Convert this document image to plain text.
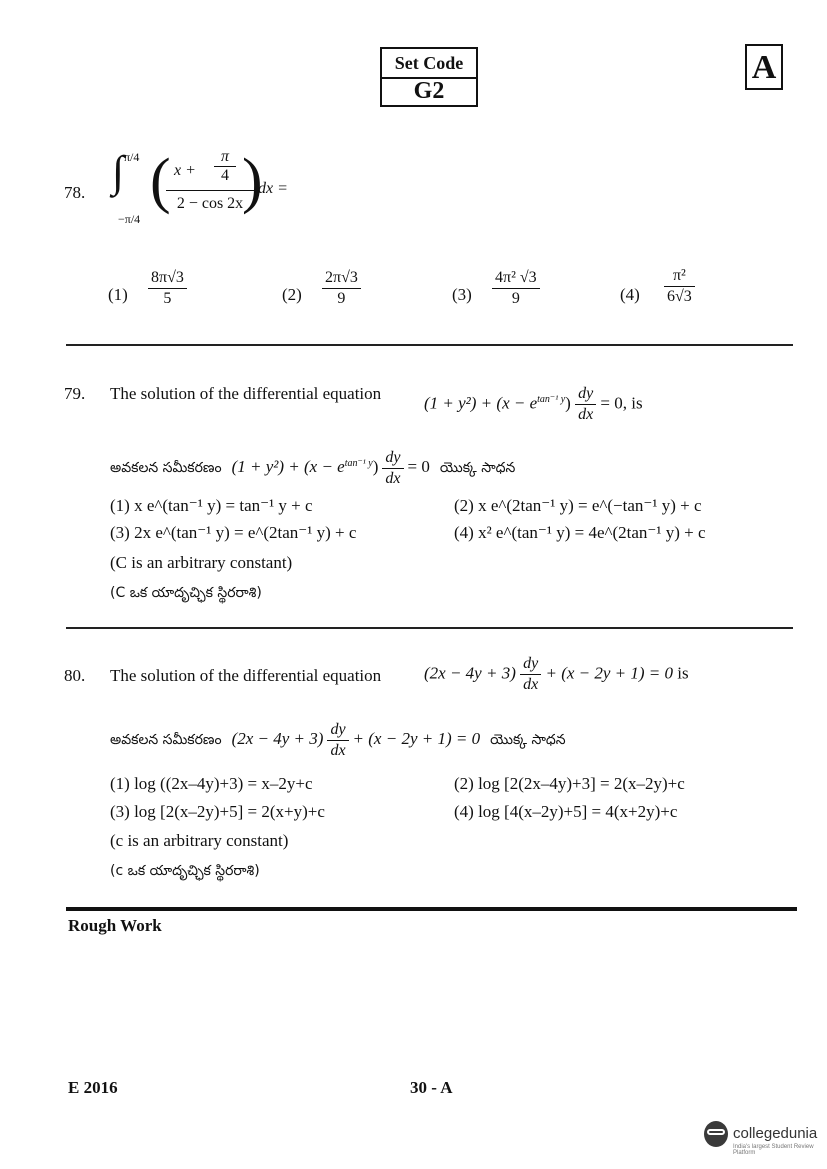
Set Code
G2
A
78. ∫ π/4
−π/4
( x +
π
4
2 − cos 2x
)
dx =
$(1) \frac{8\pi√3}{5}$	$(2) \frac{2\pi√3}{9}$	$(3) \frac{\text{4π² √3}}{9}$	$(4) \frac{\text{π²}}{6√3}$
79. The solution of the differential equation	$(1 + y^2) + (x - e^{tan^{-1} y}) \frac{dy}{dx} = 0$, is
అవకలన సమీకరణం $(1 + y^2) + (x - e^{tan^{-1} y}) \frac{dy}{dx} = 0$ యొక్క సాధన
(1) x e^(tan⁻¹ y) = tan⁻¹ y + c	(2) x e^(2tan⁻¹ y) = e^(−tan⁻¹ y) + c
(3) 2x e^(tan⁻¹ y) = e^(2tan⁻¹ y) + c	(4) x² e^(tan⁻¹ y) = 4e^(2tan⁻¹ y) + c
(C is an arbitrary constant)
(C ఒక యాదృచ్ఛిక స్థిరరాశి)
80. The solution of the differential equation	$(2x - 4y + 3) \frac{dy}{dx} + (x - 2y + 1) = 0$ is
అవకలన సమీకరణం $(2x - 4y + 3) \frac{dy}{dx} + (x - 2y + 1) = 0$ యొక్క సాధన
(1) log ((2x–4y)+3) = x–2y+c	(2) log [2(2x–4y)+3] = 2(x–2y)+c
(3) log [2(x–2y)+5] = 2(x+y)+c	(4) log [4(x–2y)+5] = 4(x+2y)+c
(c is an arbitrary constant)
(c ఒక యాదృచ్ఛిక స్థిరరాశి)
Rough Work
E 2016	30 - A
collegedunia
India's largest Student Review Platform
